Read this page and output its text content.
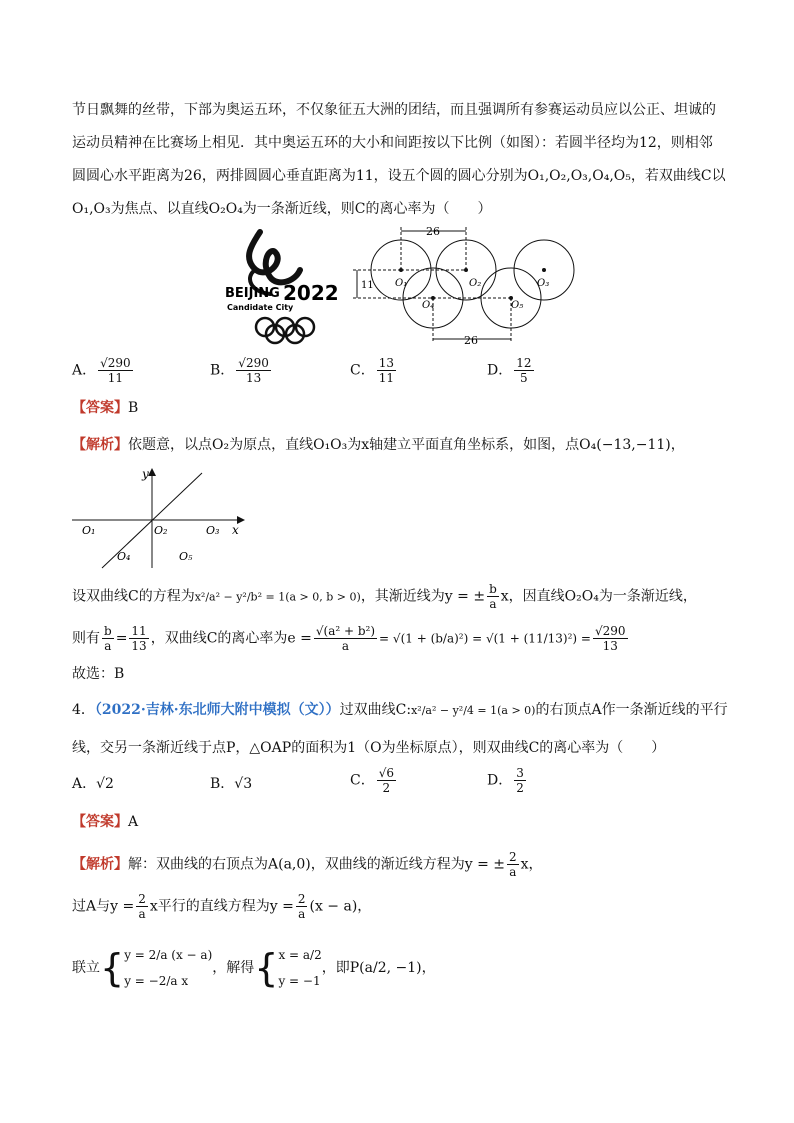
节日飘舞的丝带，下部为奥运五环，不仅象征五大洲的团结，而且强调所有参赛运动员应以公正、坦诚的
运动员精神在比赛场上相见．其中奥运五环的大小和间距按以下比例（如图）：若圆半径均为12，则相邻
圆圆心水平距离为26，两排圆圆心垂直距离为11，设五个圆的圆心分别为O₁,O₂,O₃,O₄,O₅，若双曲线C以
O₁,O₃为焦点、以直线O₂O₄为一条渐近线，则C的离心率为（　　）
BEIJING 2022
Candidate City
26
26
11 O₁	O₂	O₃
O₄	O₅
A． $\frac{√290}{11}$	B． $\frac{√290}{13}$	C． $\frac{13}{11}$	D． $\frac{12}{5}$
【答案】B
【解析】依题意，以点O₂为原点，直线O₁O₃为x轴建立平面直角坐标系，如图，点O₄(−13,−11)，
y
x
O₁	O₂	O₃
O₄	O₅
设双曲线C的方程为x²/a² − y²/b² = 1(a > 0, b > 0)，其渐近线为y = ± $\frac{b}{a}$ x，因直线O₂O₄为一条渐近线，
则有 $\frac{b}{a} = \frac{11}{13}$ ，双曲线C的离心率为$e = \frac{\text{√(a² + b²)}}{a} = √(1 + (b/a)^2) = √(1 + (11/13)^2) = \frac{√290}{13}$
故选：B
4．（2022·吉林·东北师大附中模拟（文））过双曲线C:x²/a² − y²/4 = 1(a > 0)的右顶点A作一条渐近线的平行
线，交另一条渐近线于点P，△OAP的面积为1（O为坐标原点），则双曲线C的离心率为（　　）
A．√2	B．√3	C． $\frac{√6}{2}$	D． $\frac{3}{2}$
【答案】A
【解析】解：双曲线的右顶点为A(a,0)，双曲线的渐近线方程为y = ± $\frac{2}{a}$ x，
过A与$y = \frac{2}{a}$ x平行的直线方程为$y = \frac{2}{a} (x - a)$，
联立{ y = 2/a (x − a)
y = −2/a x
，解得{ x = a/2
y = −1
，即P(a/2, −1)，
